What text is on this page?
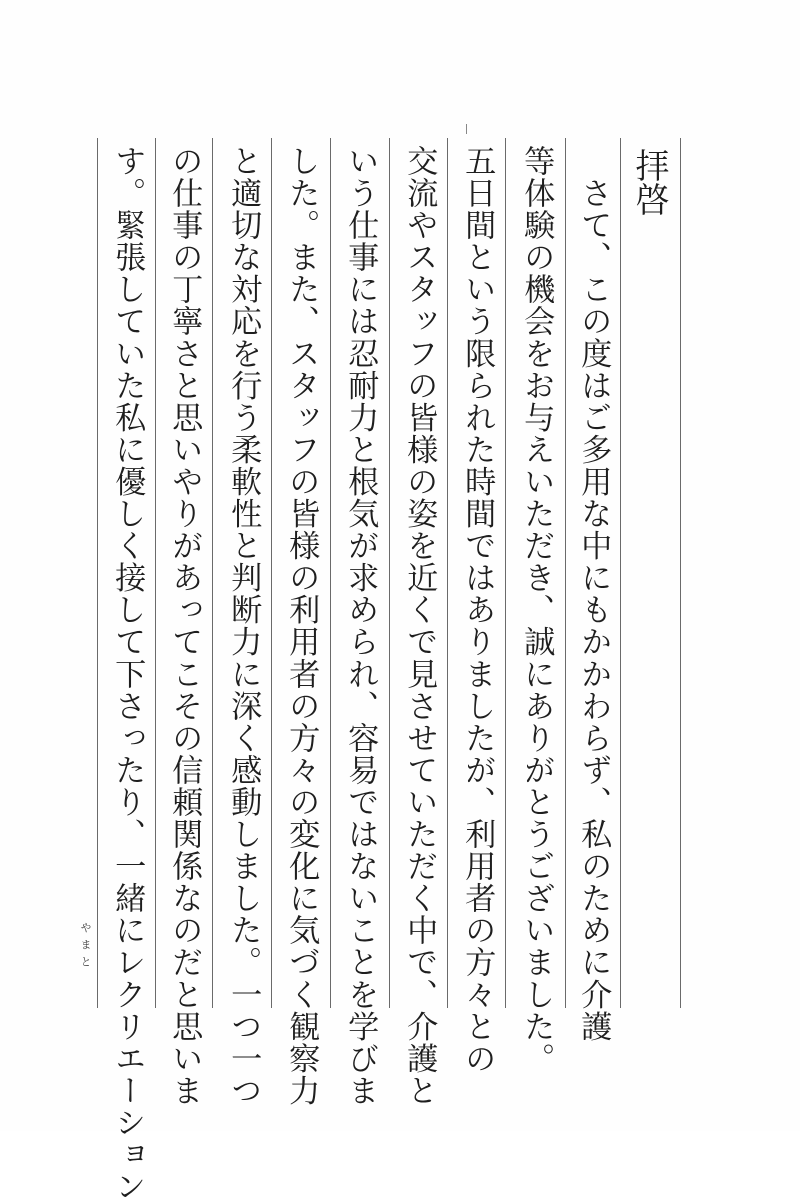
拝啓
　さて、この度はご多用な中にもかかわらず、私のために介護
等体験の機会をお与えいただき、誠にありがとうございました。
五日間という限られた時間ではありましたが、利用者の方々との
交流やスタッフの皆様の姿を近くで見させていただく中で、介護と
いう仕事には忍耐力と根気が求められ、容易ではないことを学びま
した。また、スタッフの皆様の利用者の方々の変化に気づく観察力
と適切な対応を行う柔軟性と判断力に深く感動しました。一つ一つ
の仕事の丁寧さと思いやりがあってこその信頼関係なのだと思いま
す。緊張していた私に優しく接して下さったり、一緒にレクリエーション
やまと
